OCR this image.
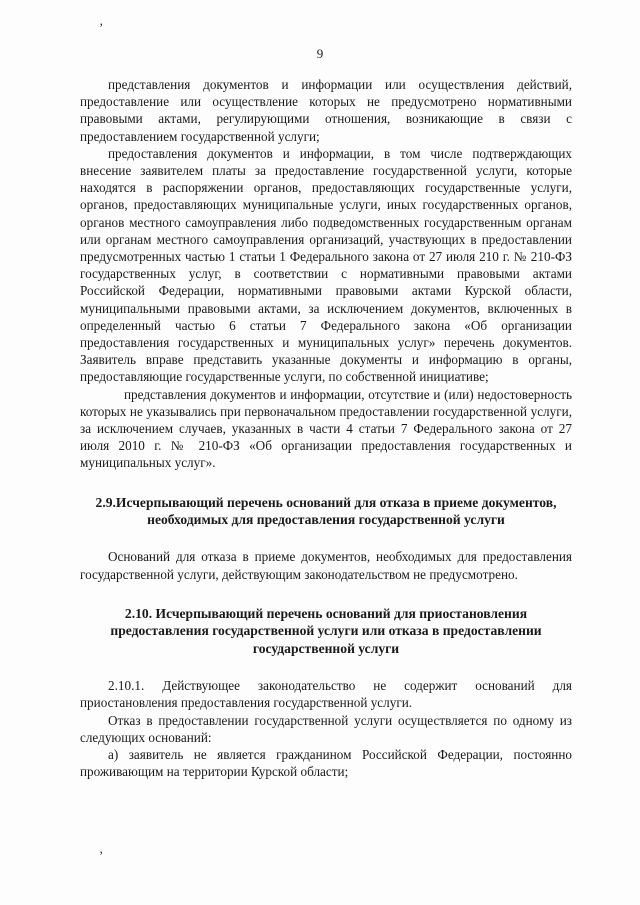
’
9

представления документов и информации или осуществления действий, предоставление или осуществление которых не предусмотрено нормативными правовыми актами, регулирующими отношения, возникающие в связи с предоставлением государственной услуги;

предоставления документов и информации, в том числе подтверждающих внесение заявителем платы за предоставление государственной услуги, которые находятся в распоряжении органов, предоставляющих государственные услуги, органов, предоставляющих муниципальные услуги, иных государственных органов, органов местного самоуправления либо подведомственных государственным органам или органам местного самоуправления организаций, участвующих в предоставлении предусмотренных частью 1 статьи 1 Федерального закона от 27 июля 210 г. № 210-ФЗ государственных услуг, в соответствии с нормативными правовыми актами Российской Федерации, нормативными правовыми актами Курской области, муниципальными правовыми актами, за исключением документов, включенных в определенный частью 6 статьи 7 Федерального закона «Об организации предоставления государственных и муниципальных услуг» перечень документов. Заявитель вправе представить указанные документы и информацию в органы, предоставляющие государственные услуги, по собственной инициативе;

представления документов и информации, отсутствие и (или) недостоверность которых не указывались при первоначальном предоставлении государственной услуги, за исключением случаев, указанных в части 4 статьи 7 Федерального закона от 27 июля 2010 г. № 210-ФЗ «Об организации предоставления государственных и муниципальных услуг».

2.9.Исчерпывающий перечень оснований для отказа в приеме документов, необходимых для предоставления государственной услуги

Оснований для отказа в приеме документов, необходимых для предоставления государственной услуги, действующим законодательством не предусмотрено.

2.10. Исчерпывающий перечень оснований для приостановления предоставления государственной услуги или отказа в предоставлении государственной услуги

2.10.1. Действующее законодательство не содержит оснований для приостановления предоставления государственной услуги.

Отказ в предоставлении государственной услуги осуществляется по одному из следующих оснований:

а) заявитель не является гражданином Российской Федерации, постоянно проживающим на территории Курской области;

’
